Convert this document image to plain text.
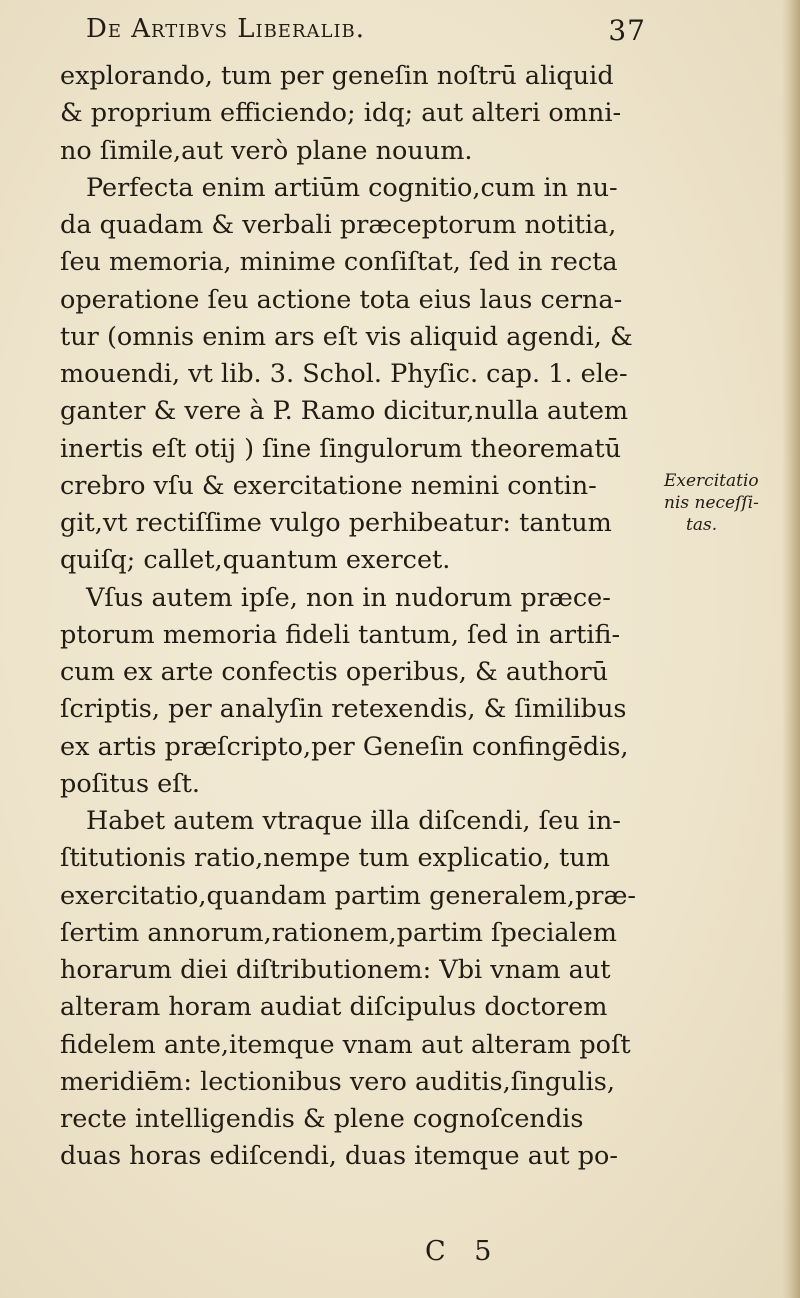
De Artibvs Liberalib.	37
explorando, tum per geneſin noſtrū aliquid
& proprium efficiendo; idq; aut alteri omni-
no ſimile,aut verò plane nouum.
Perfecta enim artiūm cognitio,cum in nu-
da quadam & verbali præceptorum notitia,
ſeu memoria, minime conſiſtat, ſed in recta
operatione ſeu actione tota eius laus cerna-
tur (omnis enim ars eſt vis aliquid agendi, &
mouendi, vt lib. 3. Schol. Phyſic. cap. 1. ele-
ganter & vere à P. Ramo dicitur,nulla autem
inertis eſt otij ) ſine ſingulorum theorematū
crebro vſu & exercitatione nemini contin-
git,vt rectiſſime vulgo perhibeatur: tantum
quiſq; callet,quantum exercet.
Vſus autem ipſe, non in nudorum præce-
ptorum memoria fideli tantum, ſed in artifi-
cum ex arte confectis operibus, & authorū
ſcriptis, per analyſin retexendis, & ſimilibus
ex artis præſcripto,per Geneſin confingēdis,
poſitus eſt.
Habet autem vtraque illa diſcendi, ſeu in-
ſtitutionis ratio,nempe tum explicatio, tum
exercitatio,quandam partim generalem,præ-
ſertim annorum,rationem,partim ſpecialem
horarum diei diſtributionem: Vbi vnam aut
alteram horam audiat diſcipulus doctorem
fidelem ante,itemque vnam aut alteram poſt
meridiēm: lectionibus vero auditis,ſingulis,
recte intelligendis & plene cognoſcendis
duas horas ediſcendi, duas itemque aut po-
Exercitatio
nis neceſſi-
tas.
C 5
